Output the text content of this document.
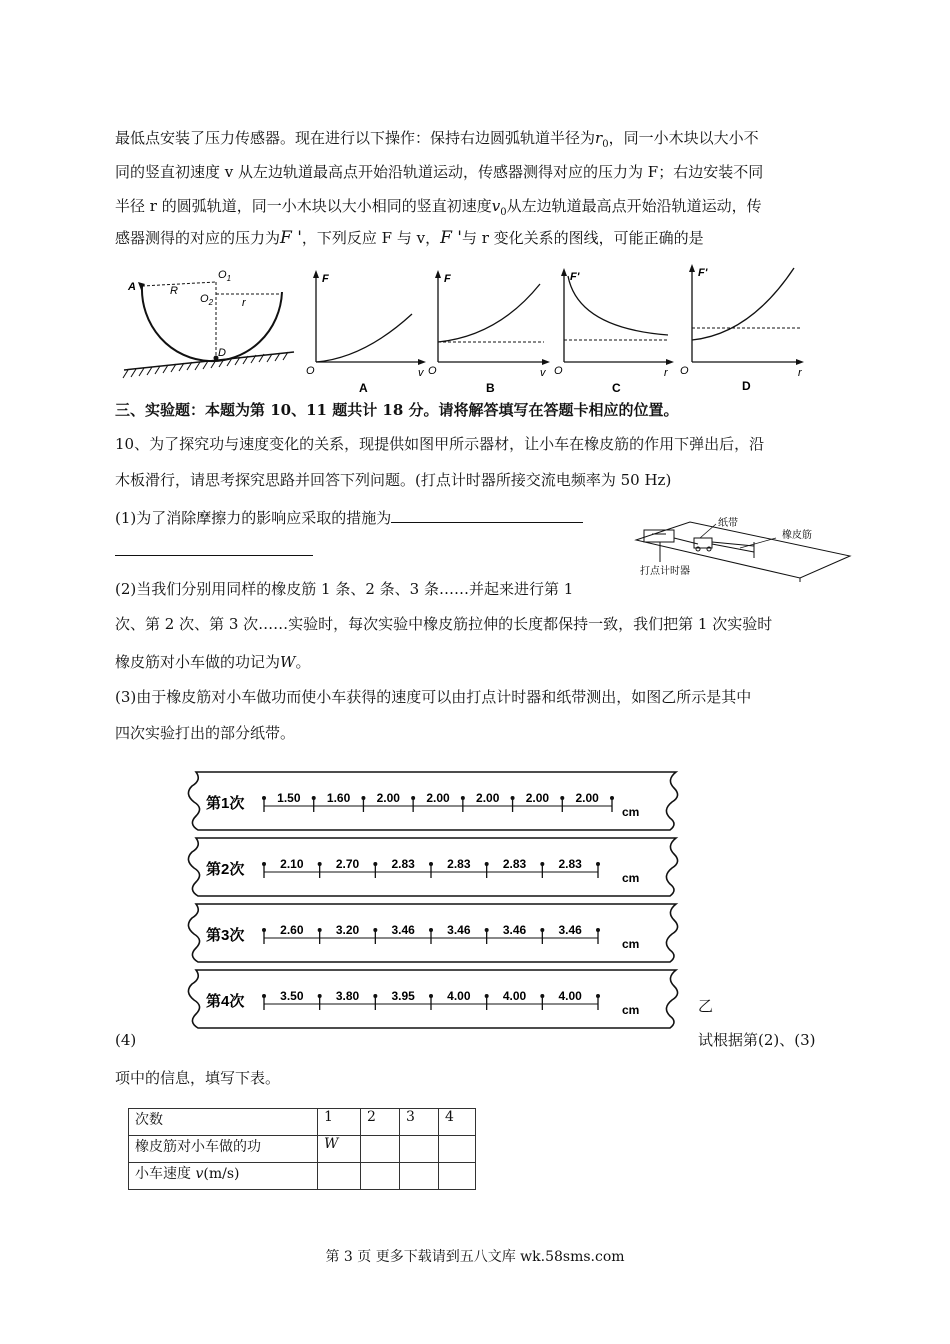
最低点安装了压力传感器。现在进行以下操作：保持右边圆弧轨道半径为$r_0$，同一小木块以大小不
同的竖直初速度 v 从左边轨道最高点开始沿轨道运动，传感器测得对应的压力为 F；右边安装不同
半径 r 的圆弧轨道，同一小木块以大小相同的竖直初速度$v_0$从左边轨道最高点开始沿轨道运动，传
感器测得的对应的压力为F '，下列反应 F 与 v，F '与 r 变化关系的图线，可能正确的是
A	R
$O_1$
$O_2$	r
D
F
O	v
A
F
O	v
B
F'
O	r
C
F'
O	r
D
三、实验题：本题为第 10、11 题共计 18 分。请将解答填写在答题卡相应的位置。
10、为了探究功与速度变化的关系，现提供如图甲所示器材，让小车在橡皮筋的作用下弹出后，沿
木板滑行，请思考探究思路并回答下列问题。(打点计时器所接交流电频率为 50 Hz)
(1)为了消除摩擦力的影响应采取的措施为	纸带
橡皮筋
打点计时器
(2)当我们分别用同样的橡皮筋 1 条、2 条、3 条……并起来进行第 1
次、第 2 次、第 3 次……实验时，每次实验中橡皮筋拉伸的长度都保持一致，我们把第 1 次实验时
橡皮筋对小车做的功记为W。
(3)由于橡皮筋对小车做功而使小车获得的速度可以由打点计时器和纸带测出，如图乙所示是其中
四次实验打出的部分纸带。
第1次	1.50 1.60 2.00 2.00 2.00 2.00 2.00
cm
第2次	2.10	2.70	2.83	2.83	2.83	2.83
cm
第3次	2.60	3.20	3.46	3.46	3.46	3.46
cm
第4次	3.50	3.80	3.95	4.00	4.00	4.00
cm	乙
(4)	试根据第(2)、(3)
项中的信息，填写下表。
次数	1	2	3	4
橡皮筋对小车做的功	W			
小车速度 v(m/s)				
第 3 页 更多下载请到五八文库 wk.58sms.com
